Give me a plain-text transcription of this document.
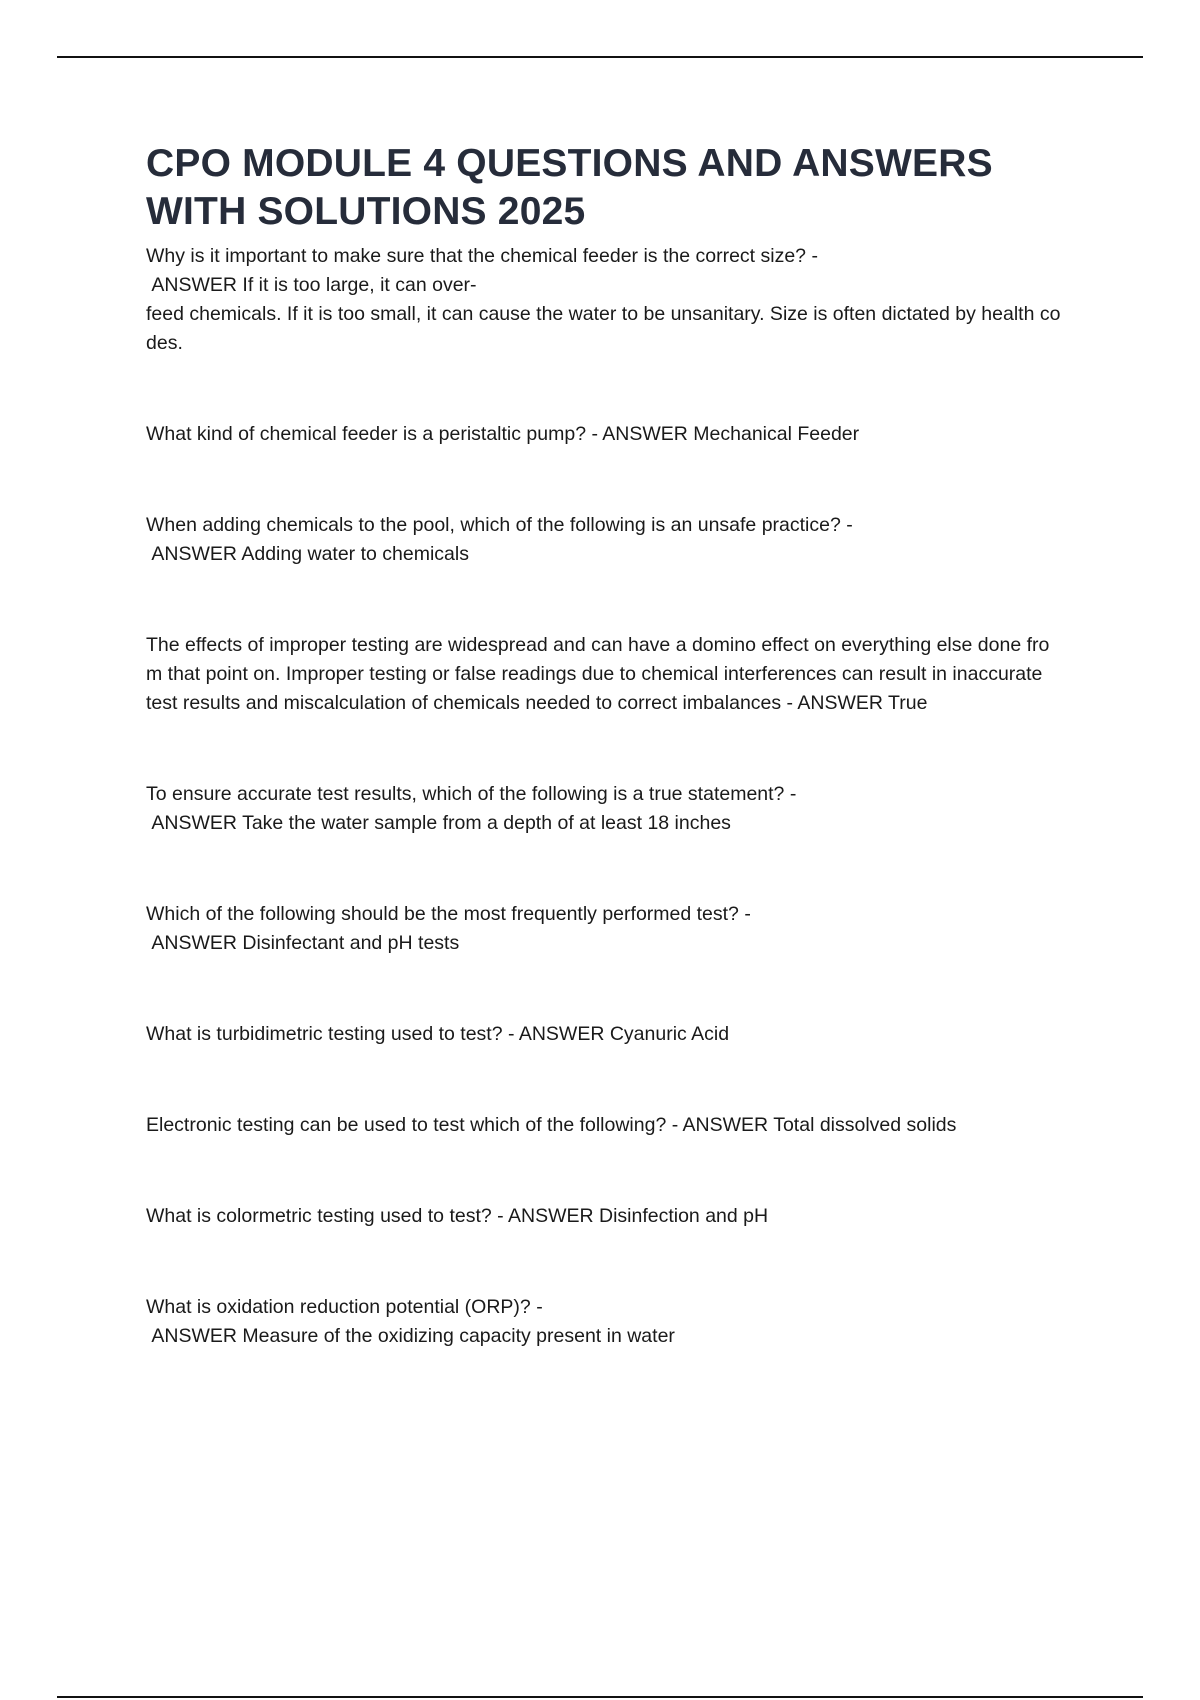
CPO MODULE 4 QUESTIONS AND ANSWERS
WITH SOLUTIONS 2025
Why is it important to make sure that the chemical feeder is the correct size? -
ANSWER If it is too large, it can over-
feed chemicals. If it is too small, it can cause the water to be unsanitary. Size is often dictated by health co
des.
What kind of chemical feeder is a peristaltic pump? - ANSWER Mechanical Feeder
When adding chemicals to the pool, which of the following is an unsafe practice? -
ANSWER Adding water to chemicals
The effects of improper testing are widespread and can have a domino effect on everything else done fro
m that point on. Improper testing or false readings due to chemical interferences can result in inaccurate
test results and miscalculation of chemicals needed to correct imbalances - ANSWER True
To ensure accurate test results, which of the following is a true statement? -
ANSWER Take the water sample from a depth of at least 18 inches
Which of the following should be the most frequently performed test? -
ANSWER Disinfectant and pH tests
What is turbidimetric testing used to test? - ANSWER Cyanuric Acid
Electronic testing can be used to test which of the following? - ANSWER Total dissolved solids
What is colormetric testing used to test? - ANSWER Disinfection and pH
What is oxidation reduction potential (ORP)? -
ANSWER Measure of the oxidizing capacity present in water
